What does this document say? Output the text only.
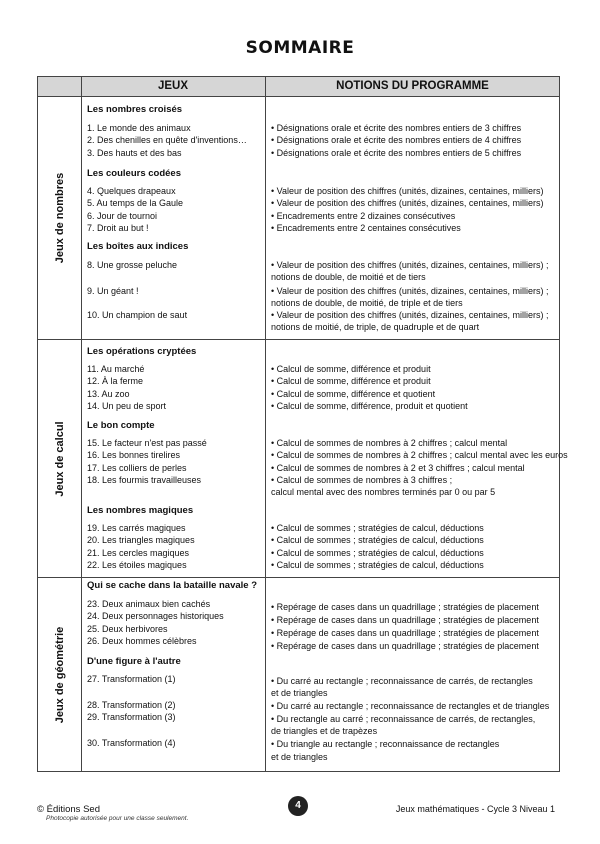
SOMMAIRE
JEUX	NOTIONS DU PROGRAMME
Jeux de nombres
Jeux de calcul
Jeux de géométrie
Les nombres croisés
1. Le monde des animaux
2. Des chenilles en quête d'inventions…
3. Des hauts et des bas
• Désignations orale et écrite des nombres entiers de 3 chiffres
• Désignations orale et écrite des nombres entiers de 4 chiffres
• Désignations orale et écrite des nombres entiers de 5 chiffres
Les couleurs codées
4. Quelques drapeaux
5. Au temps de la Gaule
6. Jour de tournoi
7. Droit au but !
• Valeur de position des chiffres (unités, dizaines, centaines, milliers)
• Valeur de position des chiffres (unités, dizaines, centaines, milliers)
• Encadrements entre 2 dizaines consécutives
• Encadrements entre 2 centaines consécutives
Les boîtes aux indices
8. Une grosse peluche
9. Un géant !
10. Un champion de saut
• Valeur de position des chiffres (unités, dizaines, centaines, milliers) ;
notions de double, de moitié et de tiers
• Valeur de position des chiffres (unités, dizaines, centaines, milliers) ;
notions de double, de moitié, de triple et de tiers
• Valeur de position des chiffres (unités, dizaines, centaines, milliers) ;
notions de moitié, de triple, de quadruple et de quart
Les opérations cryptées
11. Au marché
12. À la ferme
13. Au zoo
14. Un peu de sport
• Calcul de somme, différence et produit
• Calcul de somme, différence et produit
• Calcul de somme, différence et quotient
• Calcul de somme, différence, produit et quotient
Le bon compte
15. Le facteur n'est pas passé
16. Les bonnes tirelires
17. Les colliers de perles
18. Les fourmis travailleuses
• Calcul de sommes de nombres à 2 chiffres ; calcul mental
• Calcul de sommes de nombres à 2 chiffres ; calcul mental avec les euros
• Calcul de sommes de nombres à 2 et 3 chiffres ; calcul mental
• Calcul de sommes de nombres à 3 chiffres ;
calcul mental avec des nombres terminés par 0 ou par 5
Les nombres magiques
19. Les carrés magiques
20. Les triangles magiques
21. Les cercles magiques
22. Les étoiles magiques
• Calcul de sommes ; stratégies de calcul, déductions
• Calcul de sommes ; stratégies de calcul, déductions
• Calcul de sommes ; stratégies de calcul, déductions
• Calcul de sommes ; stratégies de calcul, déductions
Qui se cache dans la bataille navale ?
23. Deux animaux bien cachés
24. Deux personnages historiques
25. Deux herbivores
26. Deux hommes célèbres
• Repérage de cases dans un quadrillage ; stratégies de placement
• Repérage de cases dans un quadrillage ; stratégies de placement
• Repérage de cases dans un quadrillage ; stratégies de placement
• Repérage de cases dans un quadrillage ; stratégies de placement
D'une figure à l'autre
27. Transformation (1)
28. Transformation (2)
29. Transformation (3)
30. Transformation (4)
• Du carré au rectangle ; reconnaissance de carrés, de rectangles
et de triangles
• Du carré au rectangle ; reconnaissance de rectangles et de triangles
• Du rectangle au carré ; reconnaissance de carrés, de rectangles,
de triangles et de trapèzes
• Du triangle au rectangle ; reconnaissance de rectangles
et de triangles
© Éditions Sed
Photocopie autorisée pour une classe seulement.
4	Jeux mathématiques - Cycle 3 Niveau 1
